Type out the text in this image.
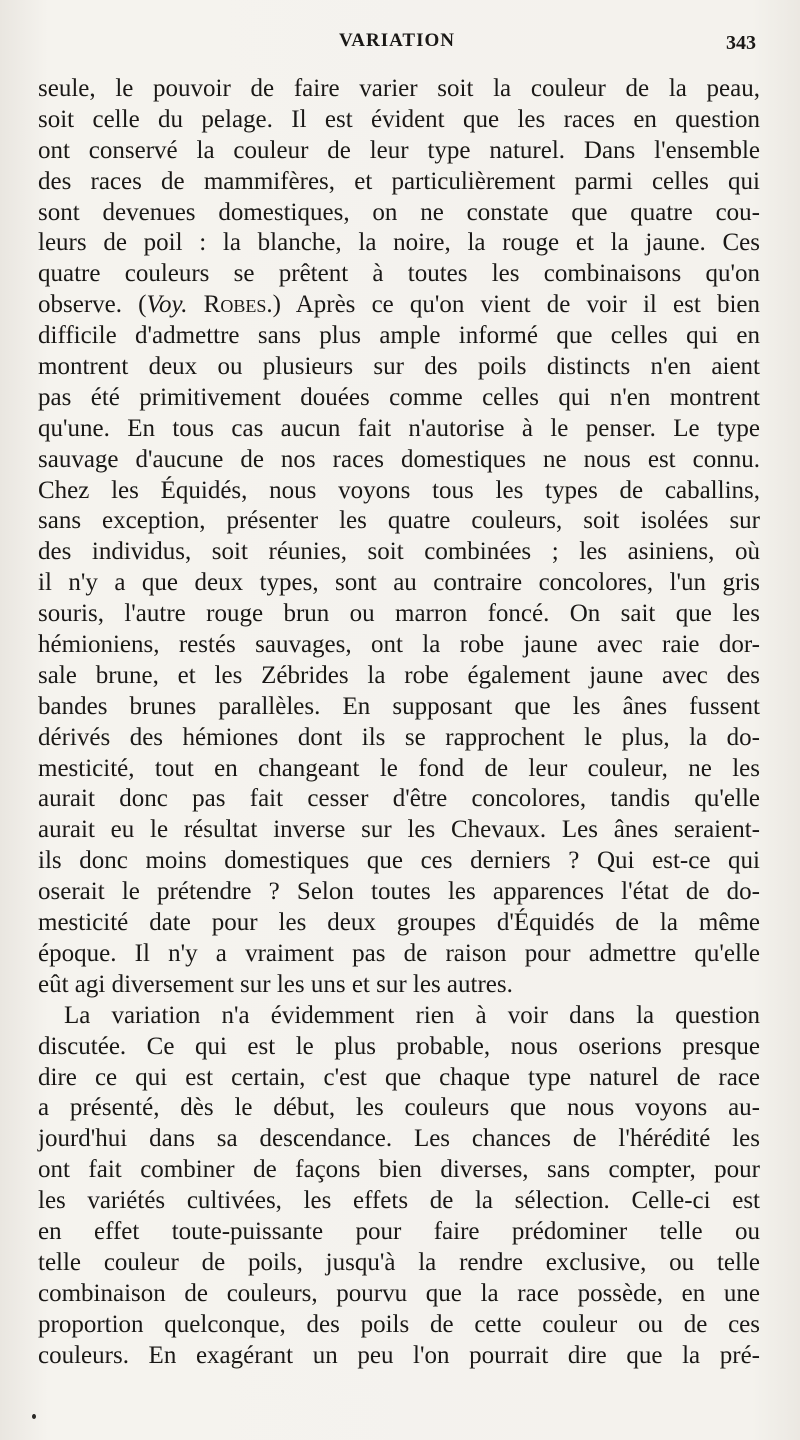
VARIATION	343
seule, le pouvoir de faire varier soit la couleur de la peau,
soit celle du pelage. Il est évident que les races en question
ont conservé la couleur de leur type naturel. Dans l'ensemble
des races de mammifères, et particulièrement parmi celles qui
sont devenues domestiques, on ne constate que quatre cou-
leurs de poil : la blanche, la noire, la rouge et la jaune. Ces
quatre couleurs se prêtent à toutes les combinaisons qu'on
observe. (Voy. Robes.) Après ce qu'on vient de voir il est bien
difficile d'admettre sans plus ample informé que celles qui en
montrent deux ou plusieurs sur des poils distincts n'en aient
pas été primitivement douées comme celles qui n'en montrent
qu'une. En tous cas aucun fait n'autorise à le penser. Le type
sauvage d'aucune de nos races domestiques ne nous est connu.
Chez les Équidés, nous voyons tous les types de caballins,
sans exception, présenter les quatre couleurs, soit isolées sur
des individus, soit réunies, soit combinées ; les asiniens, où
il n'y a que deux types, sont au contraire concolores, l'un gris
souris, l'autre rouge brun ou marron foncé. On sait que les
hémioniens, restés sauvages, ont la robe jaune avec raie dor-
sale brune, et les Zébrides la robe également jaune avec des
bandes brunes parallèles. En supposant que les ânes fussent
dérivés des hémiones dont ils se rapprochent le plus, la do-
mesticité, tout en changeant le fond de leur couleur, ne les
aurait donc pas fait cesser d'être concolores, tandis qu'elle
aurait eu le résultat inverse sur les Chevaux. Les ânes seraient-
ils donc moins domestiques que ces derniers ? Qui est-ce qui
oserait le prétendre ? Selon toutes les apparences l'état de do-
mesticité date pour les deux groupes d'Équidés de la même
époque. Il n'y a vraiment pas de raison pour admettre qu'elle
eût agi diversement sur les uns et sur les autres.
La variation n'a évidemment rien à voir dans la question
discutée. Ce qui est le plus probable, nous oserions presque
dire ce qui est certain, c'est que chaque type naturel de race
a présenté, dès le début, les couleurs que nous voyons au-
jourd'hui dans sa descendance. Les chances de l'hérédité les
ont fait combiner de façons bien diverses, sans compter, pour
les variétés cultivées, les effets de la sélection. Celle-ci est
en effet toute-puissante pour faire prédominer telle ou
telle couleur de poils, jusqu'à la rendre exclusive, ou telle
combinaison de couleurs, pourvu que la race possède, en une
proportion quelconque, des poils de cette couleur ou de ces
couleurs. En exagérant un peu l'on pourrait dire que la pré-
